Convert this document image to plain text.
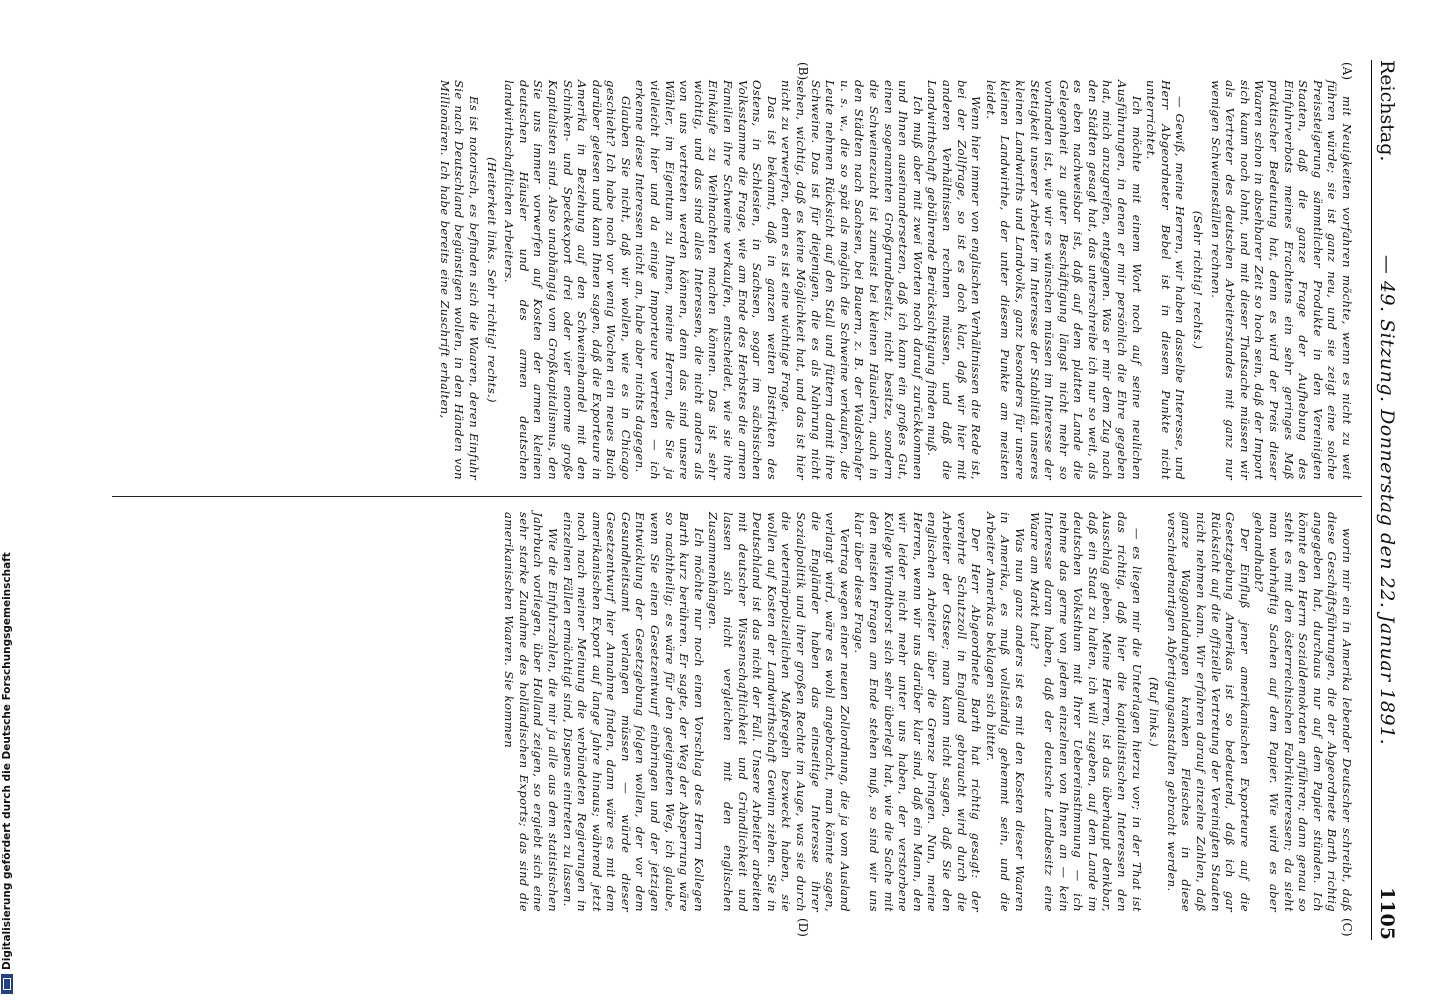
Reichstag.
— 49. Sitzung. Donnerstag den 22. Januar 1891.
1105
(A)
(B)
(C)
(D)

mit Neuigkeiten vorfahren möchte, wenn es nicht zu weit führen würde; sie ist ganz neu, und sie zeigt eine solche Preissteigerung sämmtlicher Produkte in den Vereinigten Staaten, daß die ganze Frage der Aufhebung des Einfuhrverbots meines Erachtens ein sehr geringes Maß praktischer Bedeutung hat, denn es wird der Preis dieser Waaren schon in absehbarer Zeit so hoch sein, daß der Import sich kaum noch lohnt, und mit dieser Thatsache müssen wir als Vertreter des deutschen Arbeiterstandes mit ganz nur wenigen Schweineställen rechnen.

(Sehr richtig! rechts.)

— Gewiß, meine Herren, wir haben dasselbe Interesse, und Herr Abgeordneter Bebel ist in diesem Punkte nicht unterrichtet.

Ich möchte mit einem Wort noch auf seine neulichen Ausführungen, in denen er mir persönlich die Ehre gegeben hat, mich anzugreifen, entgegnen. Was er mir dem Zug nach den Städten gesagt hat, das unterschreibe ich nur so weit, als es eben nachweisbar ist, daß auf dem platten Lande die Gelegenheit zu guter Beschäftigung längst nicht mehr so vorhanden ist, wie wir es wünschen müssen im Interesse der Stetigkeit unserer Arbeiter im Interesse der Stabilität unseres kleinen Landwirths und Landvolks, ganz besonders für unsere kleinen Landwirthe, der unter diesem Punkte am meisten leidet.

Wenn hier immer von englischen Verhältnissen die Rede ist, bei der Zollfrage, so ist es doch klar, daß wir hier mit anderen Verhältnissen rechnen müssen, und daß die Landwirthschaft gebührende Berücksichtigung finden muß.

Ich muß aber mit zwei Worten noch darauf zurückkommen und Ihnen auseinandersetzen, daß ich kann ein großes Gut, einen sogenannten Großgrundbesitz, nicht besitze, sondern die Schweinezucht ist zumeist bei kleinen Häuslern, auch in den Städten nach Sachsen, bei Bauern, z. B. der Waldschafer u. s. w., die so spät als möglich die Schweine verkaufen, die Leute nehmen Rücksicht auf den Stall und füttern damit ihre Schweine. Das ist für diejenigen, die es als Nahrung nicht sehen, wichtig, daß es keine Möglichkeit hat, und das ist hier nicht zu verwerfen, denn es ist eine wichtige Frage.

Das ist bekannt, daß in ganzen weiten Distrikten des Ostens, in Schlesien, in Sachsen, sogar im sächsischen Volksstamme die Frage, wie am Ende des Herbstes die armen Familien ihre Schweine verkaufen, entscheidet, wie sie ihre Einkäufe zu Weihnachten machen können. Das ist sehr wichtig, und das sind alles Interessen, die nicht anders als von uns vertreten werden können, denn das sind unsere Wähler, im Eigentum zu Ihnen, meine Herren, die Sie ja vielleicht hier und da einige Importeure vertreten — ich erkenne diese Interessen nicht an, habe aber nichts dagegen.

Glauben Sie nicht, daß wir wollen, wie es in Chicago geschieht? Ich habe noch vor wenig Wochen ein neues Buch darüber gelesen und kann Ihnen sagen, daß die Exporteure in Amerika in Beziehung auf den Schweinehandel mit den Schinken- und Speckexport drei oder vier enorme große Kapitalisten sind. Also unabhängig vom Großkapitalismus, den Sie uns immer vorwerfen auf Kosten der armen kleinen deutschen Häusler und des armen deutschen landwirthschaftlichen Arbeiters.

(Heiterkeit links. Sehr richtig! rechts.)

Es ist notorisch, es befinden sich die Waaren, deren Einfuhr Sie nach Deutschland begünstigen wollen, in den Händen von Millionären. Ich habe bereits eine Zuschrift erhalten,

worin mir ein in Amerika lebender Deutscher schreibt, daß diese Geschäftsführungen, die der Abgeordnete Barth richtig angegeben hat, durchaus nur auf dem Papier stünden. Ich könnte den Herrn Sozialdemokraten anführen; dann genau so steht es mit den österreichischen Fabrikinteressen; da sieht man wahrhaftig Sachen auf dem Papier. Wie wird es aber gehandhabt?

Der Einfluß jener amerikanischen Exporteure auf die Gesetzgebung Amerikas ist so bedeutend, daß ich gar Rücksicht auf die offizielle Vertretung der Vereinigten Staaten nicht nehmen kann. Wir erfahren darauf einzelne Zahlen, daß ganze Waggonladungen kranken Fleisches in diese verschiedenartigen Abfertigungsanstalten gebracht werden.

(Ruf links.)

— es liegen mir die Unterlagen hierzu vor; in der That ist das richtig, daß hier die kapitalistischen Interessen den Ausschlag geben. Meine Herren, ist das überhaupt denkbar, daß ein Staat zu halten, ich will zugeben, auf dem Lande im deutschen Volksthum mit Ihrer Uebereinstimmung — ich nehme das gerne von jedem einzelnen von Ihnen an — kein Interesse daran haben, daß der deutsche Landbesitz eine Waare am Markt hat?

Was nun ganz anders ist es mit den Kosten dieser Waaren in Amerika, es muß vollständig gehemmt sein, und die Arbeiter Amerikas beklagen sich bitter.

Der Herr Abgeordnete Barth hat richtig gesagt: der verehrte Schutzzoll in England gebraucht wird durch die Arbeiter der Ostsee; man kann nicht sagen, daß Sie den englischen Arbeiter über die Grenze bringen. Nun, meine Herren, wenn wir uns darüber klar sind, daß ein Mann, den wir leider nicht mehr unter uns haben, der verstorbene Kollege Windthorst sich sehr überlegt hat, wie die Sache mit den meisten Fragen am Ende stehen muß, so sind wir uns klar über diese Frage.

Vertrag wegen einer neuen Zollordnung, die ja vom Ausland verlangt wird, wäre es wohl angebracht, man könnte sagen, die Engländer haben das einseitige Interesse ihrer Sozialpolitik und ihrer großen Rechte im Auge, was sie durch die veterinärpolizeilichen Maßregeln bezweckt haben, sie wollen auf Kosten der Landwirthschaft Gewinn ziehen. Sie in Deutschland ist das nicht der Fall. Unsere Arbeiter arbeiten mit deutscher Wissenschaftlichkeit und Gründlichkeit und lassen sich nicht vergleichen mit den englischen Zusammenhängen.

Ich möchte nur noch einen Vorschlag des Herrn Kollegen Barth kurz berühren. Er sagte, der Weg der Absperrung wäre so nachtheilig; es wäre für den geeigneten Weg, ich glaube, wenn Sie einen Gesetzentwurf einbringen und der jetzigen Entwicklung der Gesetzgebung folgen wollen, der vor dem Gesundheitsamt verlangen müssen — würde dieser Gesetzentwurf hier Annahme finden, dann wäre es mit dem amerikanischen Export auf lange Jahre hinaus; während jetzt noch nach meiner Meinung die verbündeten Regierungen in einzelnen Fällen ermächtigt sind, Dispens eintreten zu lassen.

Wie die Einfuhrzahlen, die mir ja alle aus dem statistischen Jahrbuch vorliegen, über Holland zeigen, so ergiebt sich eine sehr starke Zunahme des holländischen Exports; das sind die amerikanischen Waaren. Sie kommen

Digitalisierung gefördert durch die Deutsche Forschungsgemeinschaft
